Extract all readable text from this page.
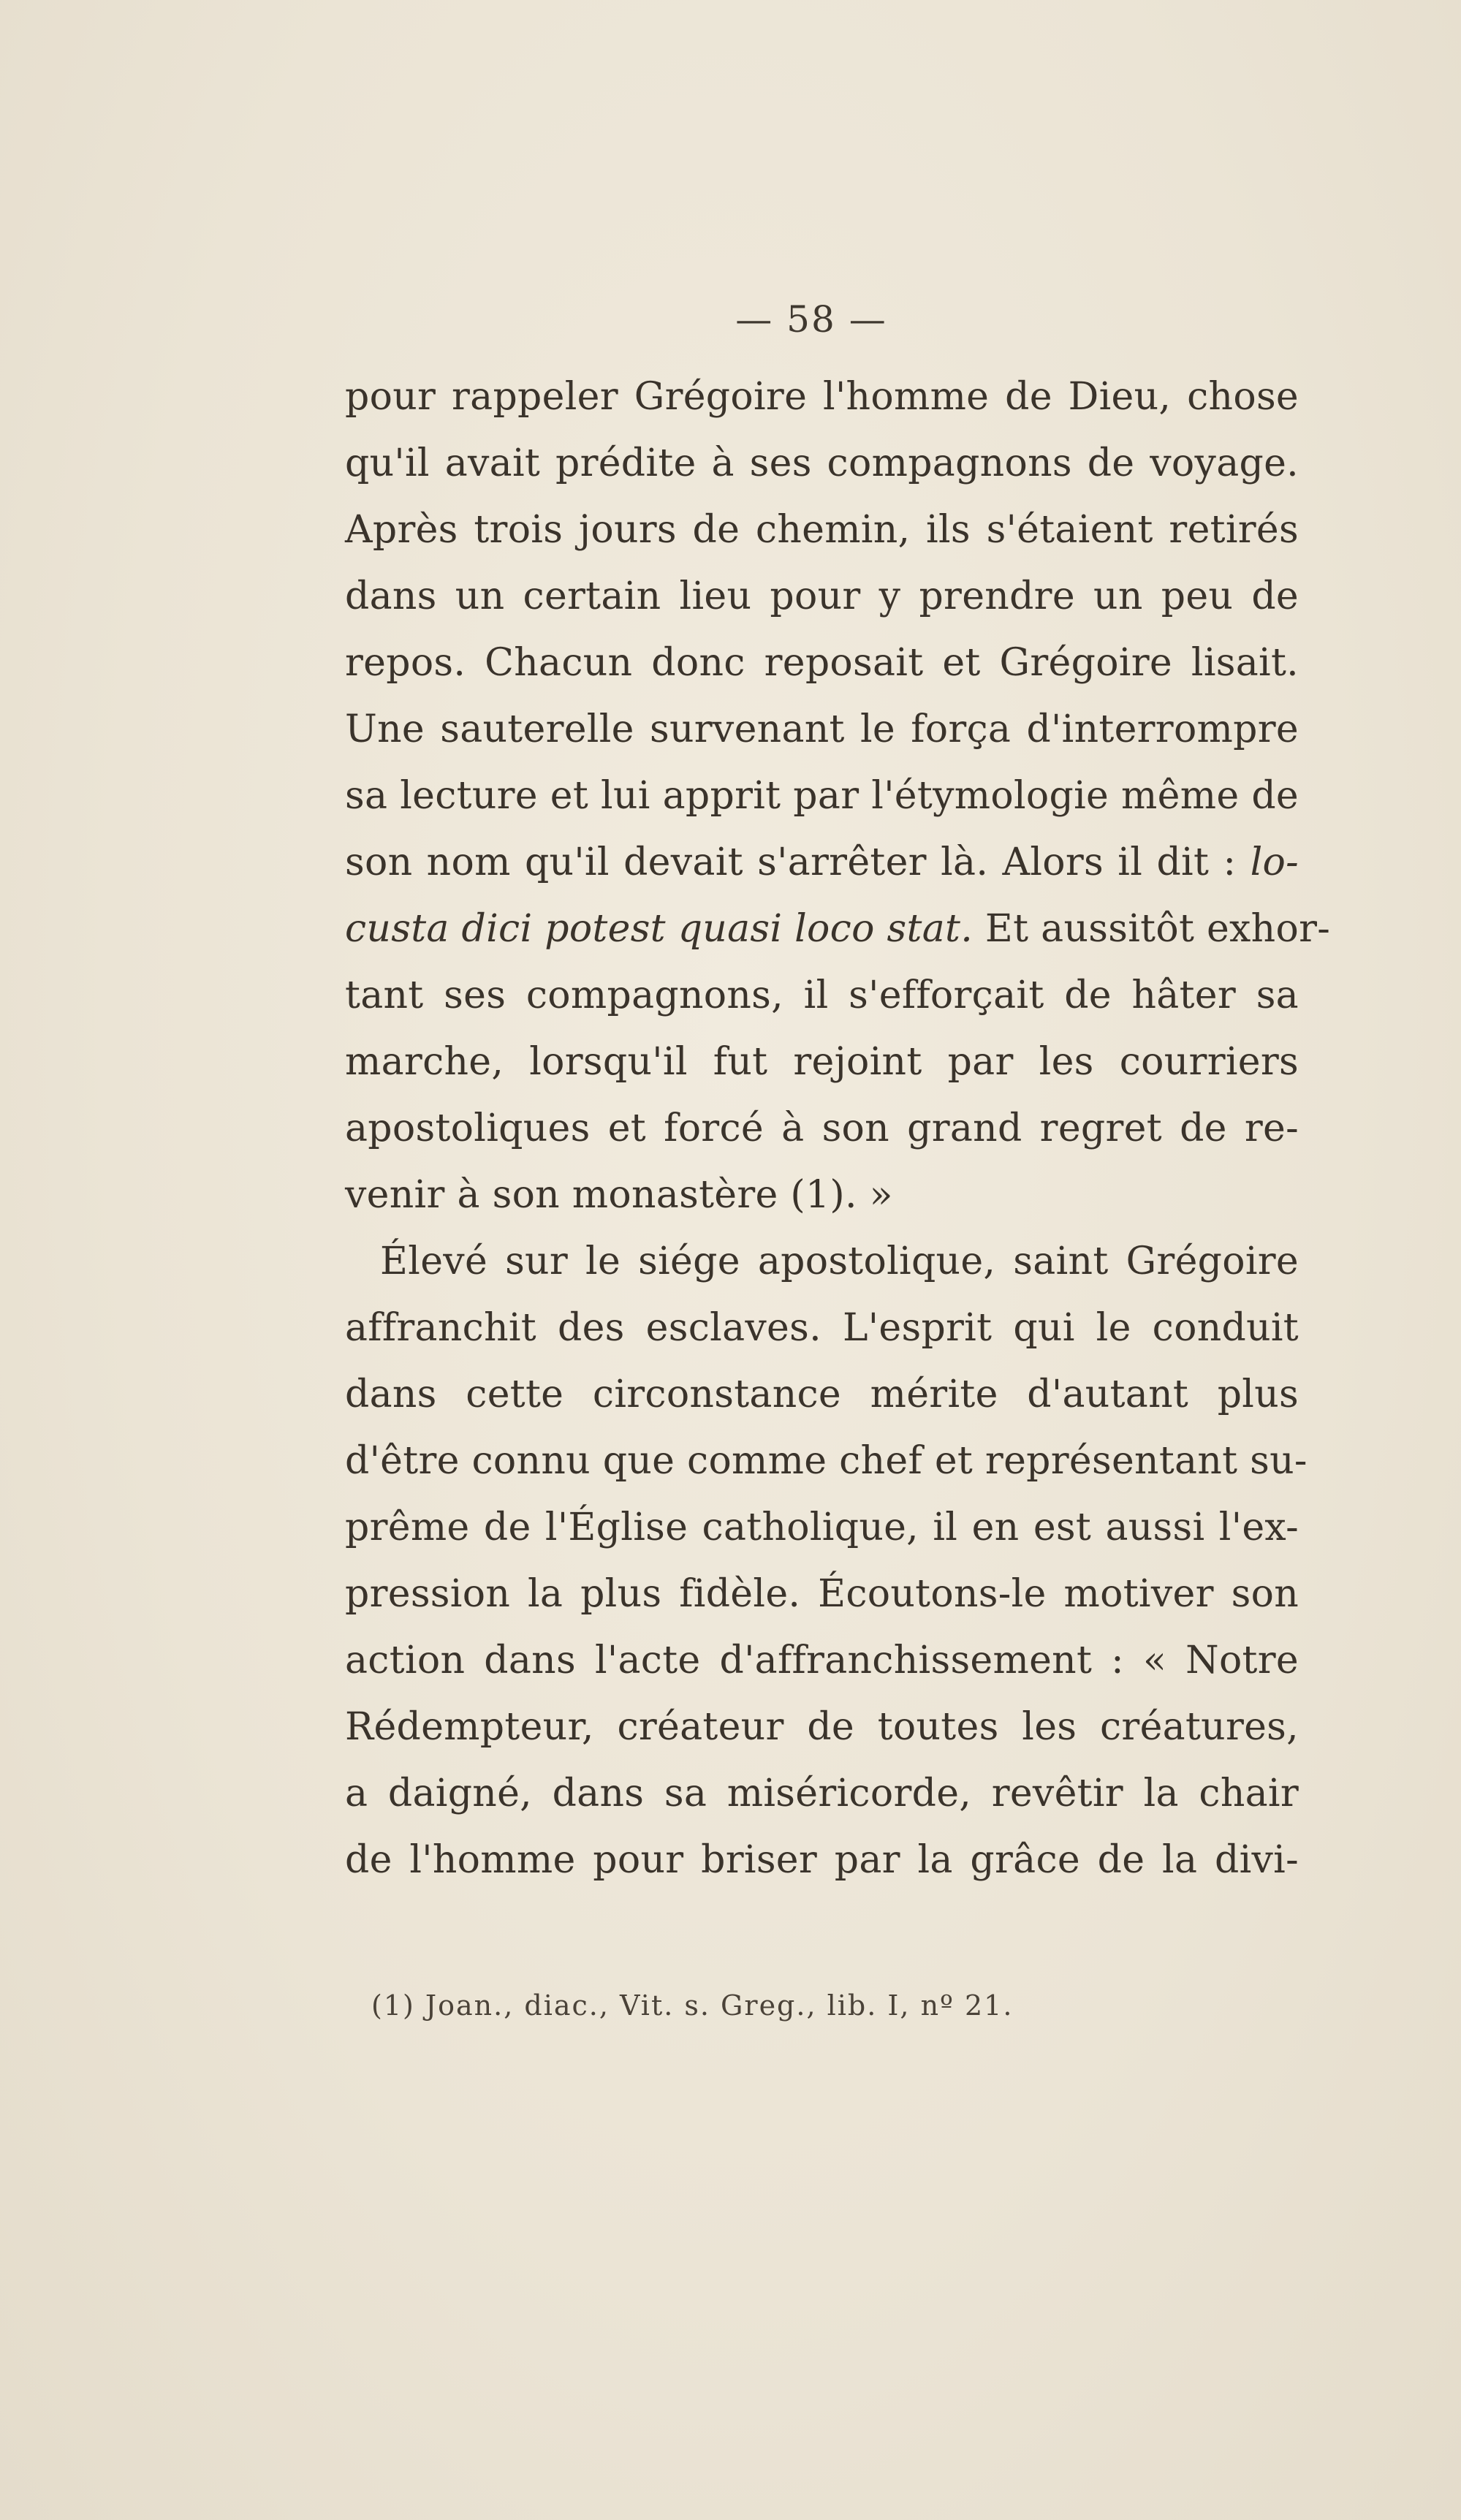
— 58 —
pour rappeler Grégoire l'homme de Dieu, chose
qu'il avait prédite à ses compagnons de voyage.
Après trois jours de chemin, ils s'étaient retirés
dans un certain lieu pour y prendre un peu de
repos. Chacun donc reposait et Grégoire lisait.
Une sauterelle survenant le força d'interrompre
sa lecture et lui apprit par l'étymologie même de
son nom qu'il devait s'arrêter là. Alors il dit : lo-
custa dici potest quasi loco stat. Et aussitôt exhor-
tant ses compagnons, il s'efforçait de hâter sa
marche, lorsqu'il fut rejoint par les courriers
apostoliques et forcé à son grand regret de re-
venir à son monastère (1). »
Élevé sur le siége apostolique, saint Grégoire
affranchit des esclaves. L'esprit qui le conduit
dans cette circonstance mérite d'autant plus
d'être connu que comme chef et représentant su-
prême de l'Église catholique, il en est aussi l'ex-
pression la plus fidèle. Écoutons-le motiver son
action dans l'acte d'affranchissement : « Notre
Rédempteur, créateur de toutes les créatures,
a daigné, dans sa miséricorde, revêtir la chair
de l'homme pour briser par la grâce de la divi-
(1) Joan., diac., Vit. s. Greg., lib. I, nº 21.
